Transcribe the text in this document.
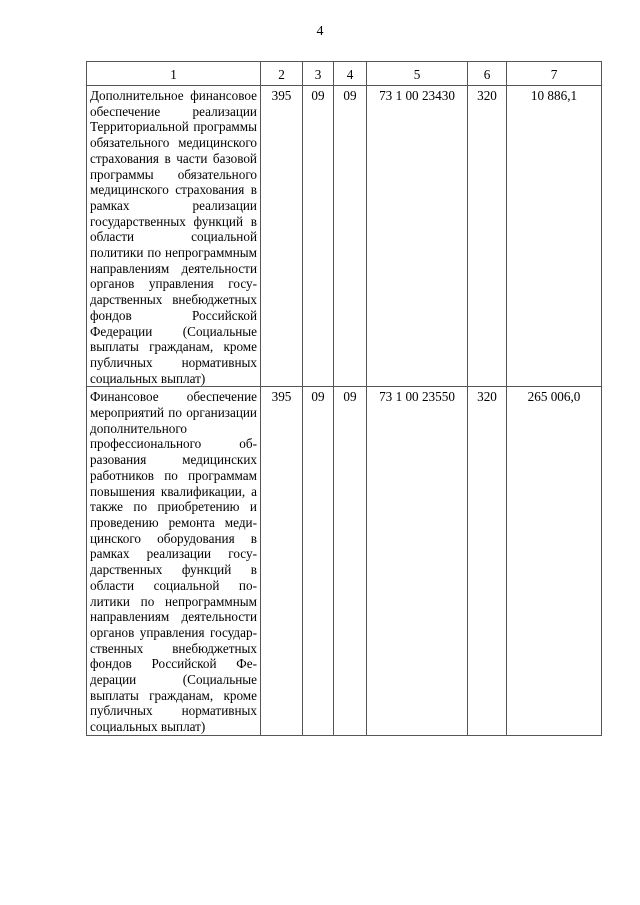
4
1	2	3	4	5	6	7
Дополнительное финансовое обеспечение реализации Территориальной программы обязательного медицинского страхования в части базовой программы обязательного медицинского страхования в рамках реализации государственных функций в области социальной политики по непрограммным направлениям деятельности органов управления государственных внебюджетных фондов Российской Федерации (Социальные выплаты гражданам, кроме публичных нормативных социальных выплат)	395	09	09	73 1 00 23430	320	10 886,1
Финансовое обеспечение мероприятий по организации дополнительного профессионального образования медицинских работников по программам повышения квалификации, а также по приобретению и проведению ремонта медицинского оборудования в рамках реализации государственных функций в области социальной политики по непрограммным направлениям деятельности органов управления государственных внебюджетных фондов Российской Федерации (Социальные выплаты гражданам, кроме публичных нормативных социальных выплат)	395	09	09	73 1 00 23550	320	265 006,0
